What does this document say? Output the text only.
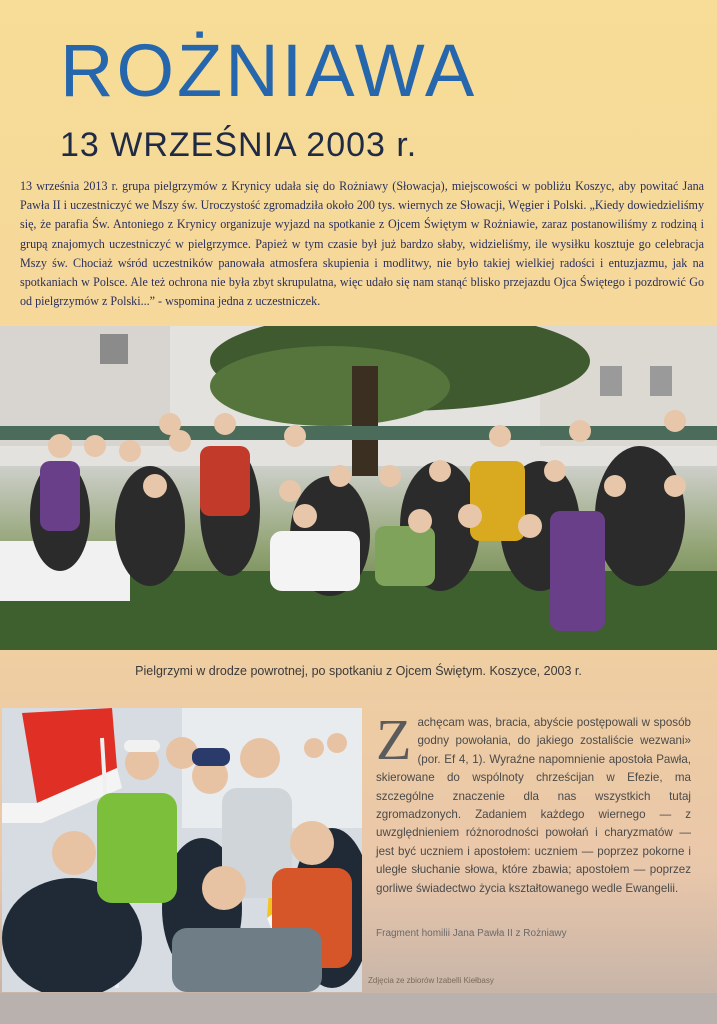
ROŻNIAWA
13 WRZEŚNIA 2003 r.

13 września 2013 r. grupa pielgrzymów z Krynicy udała się do Rożniawy (Słowacja), miejscowości w pobliżu Koszyc, aby powitać Jana Pawła II i uczestniczyć we Mszy św. Uroczystość zgromadziła około 200 tys. wiernych ze Słowacji, Węgier i Polski. „Kiedy dowiedzieliśmy się, że parafia Św. Antoniego z Krynicy organizuje wyjazd na spotkanie z Ojcem Świętym w Rożniawie, zaraz postanowiliśmy z rodziną i grupą znajomych uczestniczyć w pielgrzymce. Papież w tym czasie był już bardzo słaby, widzieliśmy, ile wysiłku kosztuje go celebracja Mszy św. Chociaż wśród uczestników panowała atmosfera skupienia i modlitwy, nie było takiej wielkiej radości i entuzjazmu, jak na spotkaniach w Polsce. Ale też ochrona nie była zbyt skrupulatna, więc udało się nam stanąć blisko przejazdu Ojca Świętego i pozdrowić Go od pielgrzymów z Polski...” - wspomina jedna z uczestniczek.

Pielgrzymi w drodze powrotnej, po spotkaniu z Ojcem Świętym. Koszyce, 2003 r.
Zachęcam was, bracia, abyście postępowali w sposób godny powołania, do jakiego zostaliście wezwani» (por. Ef 4, 1). Wyraźne napomnienie apostoła Pawła, skierowane do wspólnoty chrześcijan w Efezie, ma szczególne znaczenie dla nas wszystkich tutaj zgromadzonych. Zadaniem każdego wiernego — z uwzględnieniem różnorodności powołań i charyzmatów — jest być uczniem i apostołem: uczniem — poprzez pokorne i uległe słuchanie słowa, które zbawia; apostołem — poprzez gorliwe świadectwo życia kształtowanego wedle Ewangelii.
Fragment homilii Jana Pawła II z Rożniawy
Zdjęcia ze zbiorów Izabelli Kiełbasy
